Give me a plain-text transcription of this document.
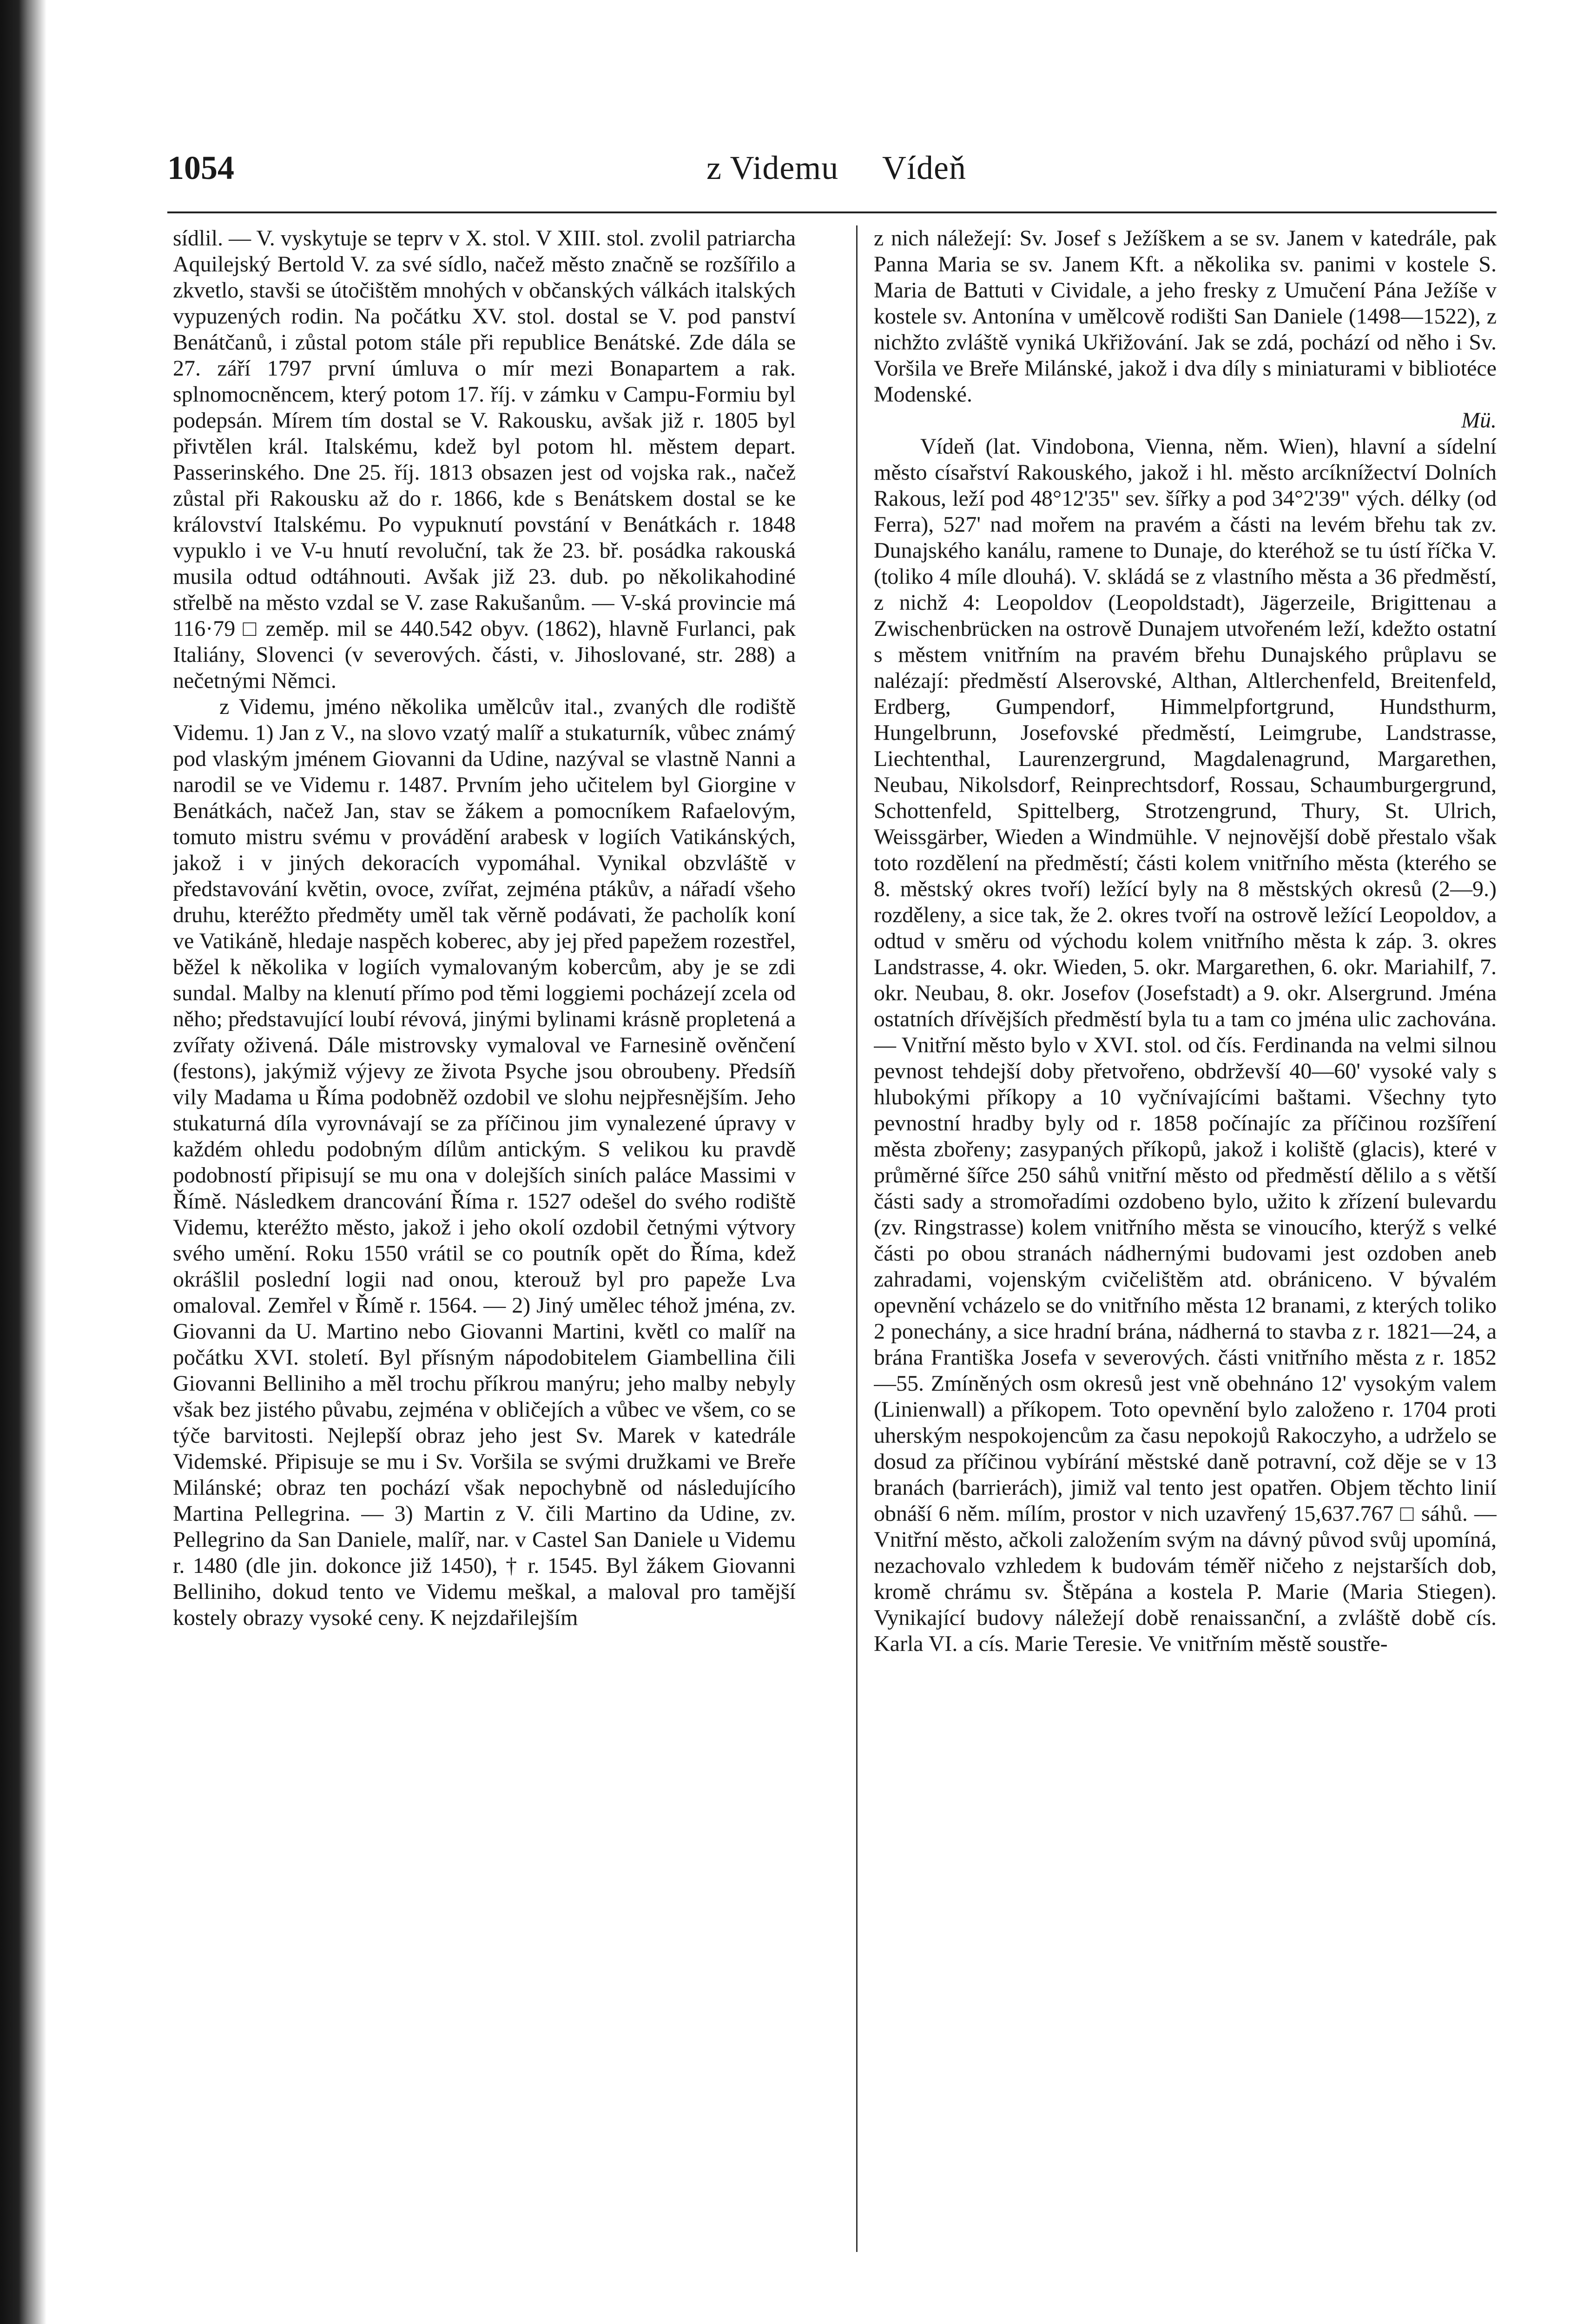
1054	z Videmu     Vídeň

sídlil. — V. vyskytuje se teprv v X. stol. V XIII. stol. zvolil patriarcha Aquilejský Bertold V. za své sídlo, načež město značně se rozšířilo a zkvetlo, stavši se útočištěm mnohých v občanských válkách italských vypuzených rodin. Na počátku XV. stol. dostal se V. pod panství Benátčanů, i zůstal potom stále při republice Benátské. Zde dála se 27. září 1797 první úmluva o mír mezi Bonapartem a rak. splnomocněncem, který potom 17. říj. v zámku v Campu-Formiu byl podepsán. Mírem tím dostal se V. Rakousku, avšak již r. 1805 byl přivtělen král. Italskému, kdež byl potom hl. městem depart. Passerinského. Dne 25. říj. 1813 obsazen jest od vojska rak., načež zůstal při Rakousku až do r. 1866, kde s Benátskem dostal se ke království Italskému. Po vypuknutí povstání v Benátkách r. 1848 vypuklo i ve V-u hnutí revoluční, tak že 23. bř. posádka rakouská musila odtud odtáhnouti. Avšak již 23. dub. po několikahodiné střelbě na město vzdal se V. zase Rakušanům. — V-ská provincie má 116·79 □ zeměp. mil se 440.542 obyv. (1862), hlavně Furlanci, pak Italiány, Slovenci (v severových. části, v. Jihoslované, str. 288) a nečetnými Němci.

z Videmu, jméno několika umělcův ital., zvaných dle rodiště Videmu. 1) Jan z V., na slovo vzatý malíř a stukaturník, vůbec známý pod vlaským jménem Giovanni da Udine, nazýval se vlastně Nanni a narodil se ve Videmu r. 1487. Prvním jeho učitelem byl Giorgine v Benátkách, načež Jan, stav se žákem a pomocníkem Rafaelovým, tomuto mistru svému v provádění arabesk v logiích Vatikánských, jakož i v jiných dekoracích vypomáhal. Vynikal obzvláště v představování květin, ovoce, zvířat, zejména ptákův, a nářadí všeho druhu, kteréžto předměty uměl tak věrně podávati, že pacholík koní ve Vatikáně, hledaje naspěch koberec, aby jej před papežem rozestřel, běžel k několika v logiích vymalovaným kobercům, aby je se zdi sundal. Malby na klenutí přímo pod těmi loggiemi pocházejí zcela od něho; představující loubí révová, jinými bylinami krásně propletená a zvířaty oživená. Dále mistrovsky vymaloval ve Farnesině ověnčení (festons), jakýmiž výjevy ze života Psyche jsou obroubeny. Předsíň vily Madama u Říma podobněž ozdobil ve slohu nejpřesnějším. Jeho stukaturná díla vyrovnávají se za příčinou jim vynalezené úpravy v každém ohledu podobným dílům antickým. S velikou ku pravdě podobností připisují se mu ona v dolejších siních paláce Massimi v Římě. Následkem drancování Říma r. 1527 odešel do svého rodiště Videmu, kteréžto město, jakož i jeho okolí ozdobil četnými výtvory svého umění. Roku 1550 vrátil se co poutník opět do Říma, kdež okrášlil poslední logii nad onou, kterouž byl pro papeže Lva omaloval. Zemřel v Římě r. 1564. — 2) Jiný umělec téhož jména, zv. Giovanni da U. Martino nebo Giovanni Martini, květl co malíř na počátku XVI. století. Byl přísným nápodobitelem Giambellina čili Giovanni Belliniho a měl trochu příkrou manýru; jeho malby nebyly však bez jistého půvabu, zejména v obličejích a vůbec ve všem, co se týče barvitosti. Nejlepší obraz jeho jest Sv. Marek v katedrále Videmské. Připisuje se mu i Sv. Voršila se svými družkami ve Breře Milánské; obraz ten pochází však nepochybně od následujícího Martina Pellegrina. — 3) Martin z V. čili Martino da Udine, zv. Pellegrino da San Daniele, malíř, nar. v Castel San Daniele u Videmu r. 1480 (dle jin. dokonce již 1450), † r. 1545. Byl žákem Giovanni Belliniho, dokud tento ve Videmu meškal, a maloval pro tamější kostely obrazy vysoké ceny. K nejzdařilejším

z nich náležejí: Sv. Josef s Ježíškem a se sv. Janem v katedrále, pak Panna Maria se sv. Janem Kft. a několika sv. panimi v kostele S. Maria de Battuti v Cividale, a jeho fresky z Umučení Pána Ježíše v kostele sv. Antonína v umělcově rodišti San Daniele (1498—1522), z nichžto zvláště vyniká Ukřižování. Jak se zdá, pochází od něho i Sv. Voršila ve Breře Milánské, jakož i dva díly s miniaturami v bibliotéce Modenské.

Mü.

Vídeň (lat. Vindobona, Vienna, něm. Wien), hlavní a sídelní město císařství Rakouského, jakož i hl. město arcíknížectví Dolních Rakous, leží pod 48°12'35" sev. šířky a pod 34°2'39" vých. délky (od Ferra), 527' nad mořem na pravém a části na levém břehu tak zv. Dunajského kanálu, ramene to Dunaje, do kteréhož se tu ústí říčka V. (toliko 4 míle dlouhá). V. skládá se z vlastního města a 36 předměstí, z nichž 4: Leopoldov (Leopoldstadt), Jägerzeile, Brigittenau a Zwischenbrücken na ostrově Dunajem utvořeném leží, kdežto ostatní s městem vnitřním na pravém břehu Dunajského průplavu se nalézají: předměstí Alserovské, Althan, Altlerchenfeld, Breitenfeld, Erdberg, Gumpendorf, Himmelpfortgrund, Hundsthurm, Hungelbrunn, Josefovské předměstí, Leimgrube, Landstrasse, Liechtenthal, Laurenzergrund, Magdalenagrund, Margarethen, Neubau, Nikolsdorf, Reinprechtsdorf, Rossau, Schaumburgergrund, Schottenfeld, Spittelberg, Strotzengrund, Thury, St. Ulrich, Weissgärber, Wieden a Windmühle. V nejnovější době přestalo však toto rozdělení na předměstí; části kolem vnitřního města (kterého se 8. městský okres tvoří) ležící byly na 8 městských okresů (2—9.) rozděleny, a sice tak, že 2. okres tvoří na ostrově ležící Leopoldov, a odtud v směru od východu kolem vnitřního města k záp. 3. okres Landstrasse, 4. okr. Wieden, 5. okr. Margarethen, 6. okr. Mariahilf, 7. okr. Neubau, 8. okr. Josefov (Josefstadt) a 9. okr. Alsergrund. Jména ostatních dřívějších předměstí byla tu a tam co jména ulic zachována. — Vnitřní město bylo v XVI. stol. od čís. Ferdinanda na velmi silnou pevnost tehdejší doby přetvořeno, obdrževší 40—60' vysoké valy s hlubokými příkopy a 10 vyčnívajícími baštami. Všechny tyto pevnostní hradby byly od r. 1858 počínajíc za příčinou rozšíření města zbořeny; zasypaných příkopů, jakož i koliště (glacis), které v průměrné šířce 250 sáhů vnitřní město od předměstí dělilo a s větší části sady a stromořadími ozdobeno bylo, užito k zřízení bulevardu (zv. Ringstrasse) kolem vnitřního města se vinoucího, kterýž s velké části po obou stranách nádhernými budovami jest ozdoben aneb zahradami, vojenským cvičelištěm atd. obrániceno. V bývalém opevnění vcházelo se do vnitřního města 12 branami, z kterých toliko 2 ponechány, a sice hradní brána, nádherná to stavba z r. 1821—24, a brána Františka Josefa v severových. části vnitřního města z r. 1852—55. Zmíněných osm okresů jest vně obehnáno 12' vysokým valem (Linienwall) a příkopem. Toto opevnění bylo založeno r. 1704 proti uherským nespokojencům za času nepokojů Rakoczyho, a udrželo se dosud za příčinou vybírání městské daně potravní, což děje se v 13 branách (barrierách), jimiž val tento jest opatřen. Objem těchto linií obnáší 6 něm. mílím, prostor v nich uzavřený 15,637.767 □ sáhů. — Vnitřní město, ačkoli založením svým na dávný původ svůj upomíná, nezachovalo vzhledem k budovám téměř ničeho z nejstarších dob, kromě chrámu sv. Štěpána a kostela P. Marie (Maria Stiegen). Vynikající budovy náležejí době renaissanční, a zvláště době cís. Karla VI. a cís. Marie Teresie. Ve vnitřním městě soustře-
